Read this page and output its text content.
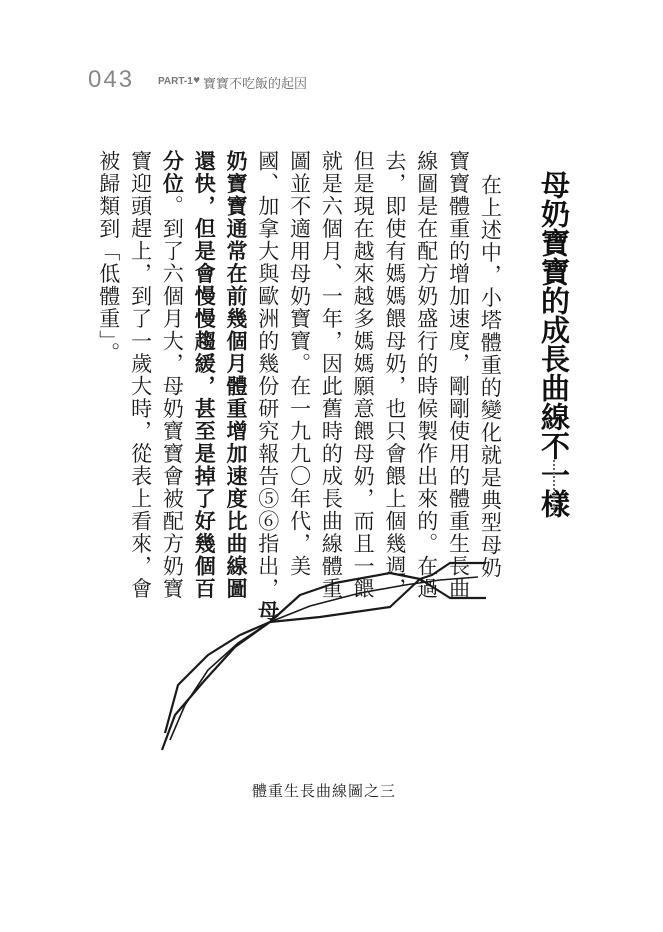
043 PART-1 ♥ 寶寶不吃飯的起因
母奶寶寶的成長曲線不一樣
在上述中，小塔體重的變化就是典型母奶
寶寶體重的增加速度，剛剛使用的體重生長曲
線圖是在配方奶盛行的時候製作出來的。在過
去，即使有媽媽餵母奶，也只會餵上個幾週，
但是現在越來越多媽媽願意餵母奶，而且一餵
就是六個月、一年，因此舊時的成長曲線體重
圖並不適用母奶寶寶。在一九九〇年代，美
國、加拿大與歐洲的幾份研究報告⑤⑥指出，母
奶寶寶通常在前幾個月體重增加速度比曲線圖
還快，但是會慢慢趨緩，甚至是掉了好幾個百
分位。到了六個月大，母奶寶寶會被配方奶寶
寶迎頭趕上，到了一歲大時，從表上看來，會
被歸類到「低體重」。
體重生長曲線圖之三
